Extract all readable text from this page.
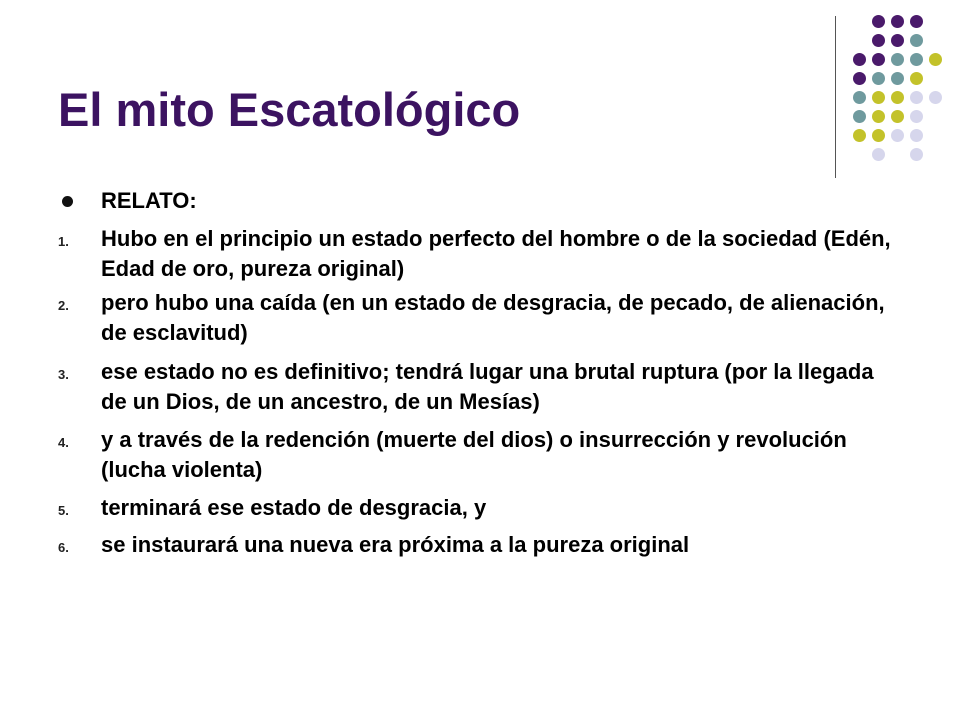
El mito Escatológico
RELATO:
1. Hubo en el principio un estado perfecto del hombre o de la sociedad (Edén, Edad de oro, pureza original)
2. pero hubo una caída (en un estado de desgracia, de pecado, de alienación, de esclavitud)
3. ese estado no es definitivo; tendrá lugar una brutal ruptura (por la llegada de un Dios, de un ancestro, de un Mesías)
4. y a través de la redención (muerte del dios) o insurrección y revolución (lucha violenta)
5. terminará ese estado de desgracia, y
6. se instaurará una nueva era próxima a la pureza original
